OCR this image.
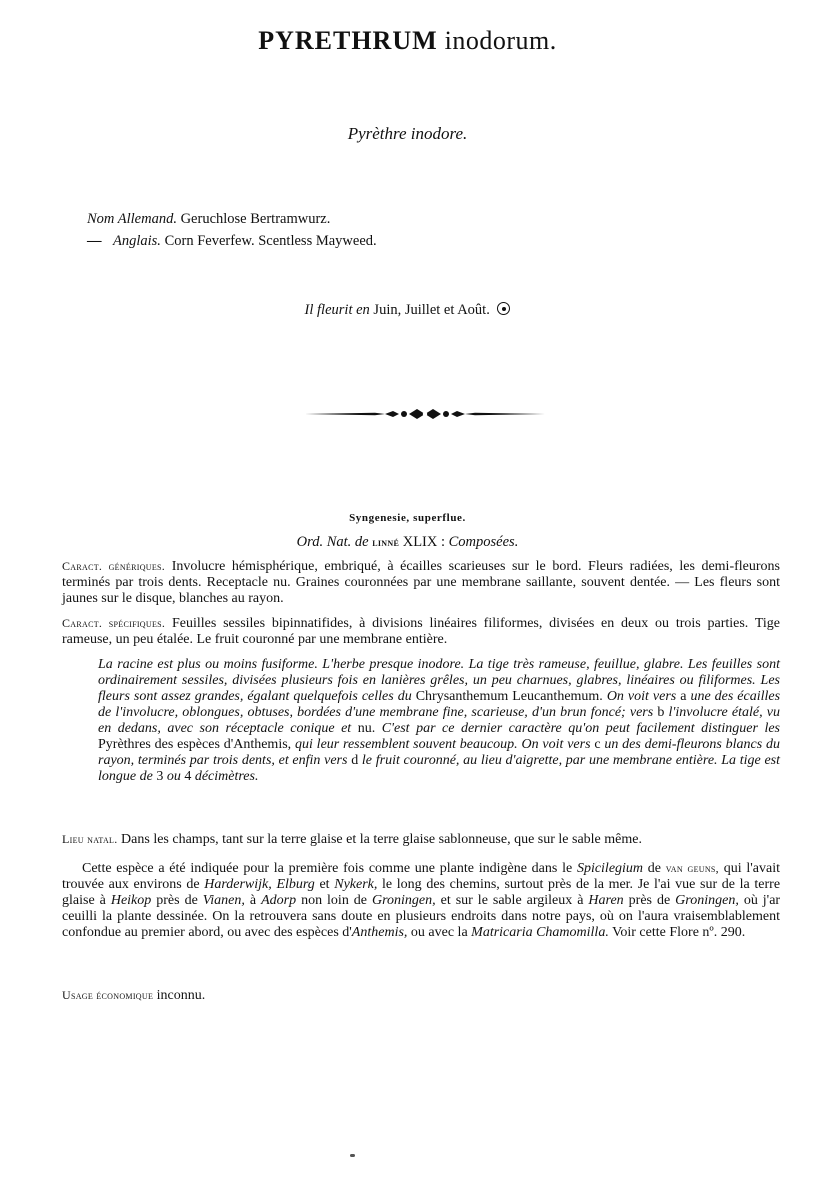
PYRETHRUM inodorum.
Pyrèthre inodore.
Nom Allemand. Geruchlose Bertramwurz.
— Anglais. Corn Feverfew. Scentless Mayweed.
Il fleurit en Juin, Juillet et Août.
Syngenesie, superflue.
Ord. Nat. de linné XLIX : Composées.
Caract. génériques. Involucre hémisphérique, embriqué, à écailles scarieuses sur le bord. Fleurs radiées, les demi-fleurons terminés par trois dents. Receptacle nu. Graines couronnées par une membrane saillante, souvent dentée. — Les fleurs sont jaunes sur le disque, blanches au rayon.
Caract. spécifiques. Feuilles sessiles bipinnatifides, à divisions linéaires filiformes, divisées en deux ou trois parties. Tige rameuse, un peu étalée. Le fruit couronné par une membrane entière.
La racine est plus ou moins fusiforme. L'herbe presque inodore. La tige très rameuse, feuillue, glabre. Les feuilles sont ordinairement sessiles, divisées plusieurs fois en lanières grêles, un peu charnues, glabres, linéaires ou filiformes. Les fleurs sont assez grandes, égalant quelquefois celles du Chrysanthemum Leucanthemum. On voit vers a une des écailles de l'involucre, oblongues, obtuses, bordées d'une membrane fine, scarieuse, d'un brun foncé; vers b l'involucre étalé, vu en dedans, avec son réceptacle conique et nu. C'est par ce dernier caractère qu'on peut facilement distinguer les Pyrèthres des espèces d'Anthemis, qui leur ressemblent souvent beaucoup. On voit vers c un des demi-fleurons blancs du rayon, terminés par trois dents, et enfin vers d le fruit couronné, au lieu d'aigrette, par une membrane entière. La tige est longue de 3 ou 4 décimètres.
Lieu natal. Dans les champs, tant sur la terre glaise et la terre glaise sablonneuse, que sur le sable même.
Cette espèce a été indiquée pour la première fois comme une plante indigène dans le Spicilegium de van geuns, qui l'avait trouvée aux environs de Harderwijk, Elburg et Nykerk, le long des chemins, surtout près de la mer. Je l'ai vue sur de la terre glaise à Heikop près de Vianen, à Adorp non loin de Groningen, et sur le sable argileux à Haren près de Groningen, où j'ar ceuilli la plante dessinée. On la retrouvera sans doute en plusieurs endroits dans notre pays, où on l'aura vraisemblablement confondue au premier abord, ou avec des espèces d'Anthemis, ou avec la Matricaria Chamomilla. Voir cette Flore nº. 290.
Usage économique inconnu.
